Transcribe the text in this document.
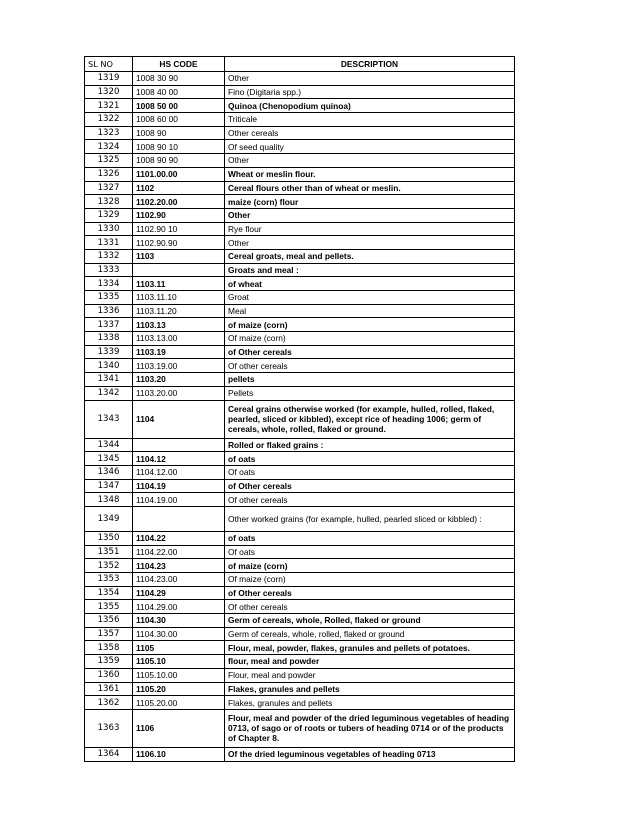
SL NO	HS CODE	DESCRIPTION
1319	1008 30 90	Other
1320	1008 40 00	Fino (Digitaria spp.)
1321	1008 50 00	Quinoa (Chenopodium quinoa)
1322	1008 60 00	Triticale
1323	1008 90	Other cereals
1324	1008 90 10	Of seed quality
1325	1008 90 90	Other
1326	1101.00.00	Wheat or meslin flour.
1327	1102	Cereal flours other than of wheat or meslin.
1328	1102.20.00	maize (corn) flour
1329	1102.90	Other
1330	1102.90 10	Rye flour
1331	1102.90.90	Other
1332	1103	Cereal groats, meal and pellets.
1333		Groats and meal :
1334	1103.11	of wheat
1335	1103.11.10	Groat
1336	1103.11.20	Meal
1337	1103.13	of maize (corn)
1338	1103.13.00	Of maize (corn)
1339	1103.19	of Other cereals
1340	1103.19.00	Of other cereals
1341	1103.20	pellets
1342	1103.20.00	Pellets
1343	1104	Cereal grains otherwise worked (for example, hulled, rolled, flaked, pearled, sliced or kibbled), except rice of heading 1006; germ of cereals, whole, rolled, flaked or ground.
1344		Rolled or flaked grains :
1345	1104.12	of oats
1346	1104.12.00	Of oats
1347	1104.19	of Other cereals
1348	1104.19.00	Of other cereals
1349		Other worked grains (for example, hulled, pearled sliced or kibbled) :
1350	1104.22	of oats
1351	1104.22.00	Of oats
1352	1104.23	of maize (corn)
1353	1104.23.00	Of maize (corn)
1354	1104.29	of Other cereals
1355	1104.29.00	Of other cereals
1356	1104.30	Germ of cereals, whole, Rolled, flaked or ground
1357	1104.30.00	Germ of cereals, whole, rolled, flaked or ground
1358	1105	Flour, meal, powder, flakes, granules and pellets of potatoes.
1359	1105.10	flour, meal and powder
1360	1105.10.00	Flour, meal and powder
1361	1105.20	Flakes, granules and pellets
1362	1105.20.00	Flakes, granules and pellets
1363	1106	Flour, meal and powder of the dried leguminous vegetables of heading 0713, of sago or of roots or tubers of heading 0714 or of the products of Chapter 8.
1364	1106.10	Of the dried leguminous vegetables of heading 0713
